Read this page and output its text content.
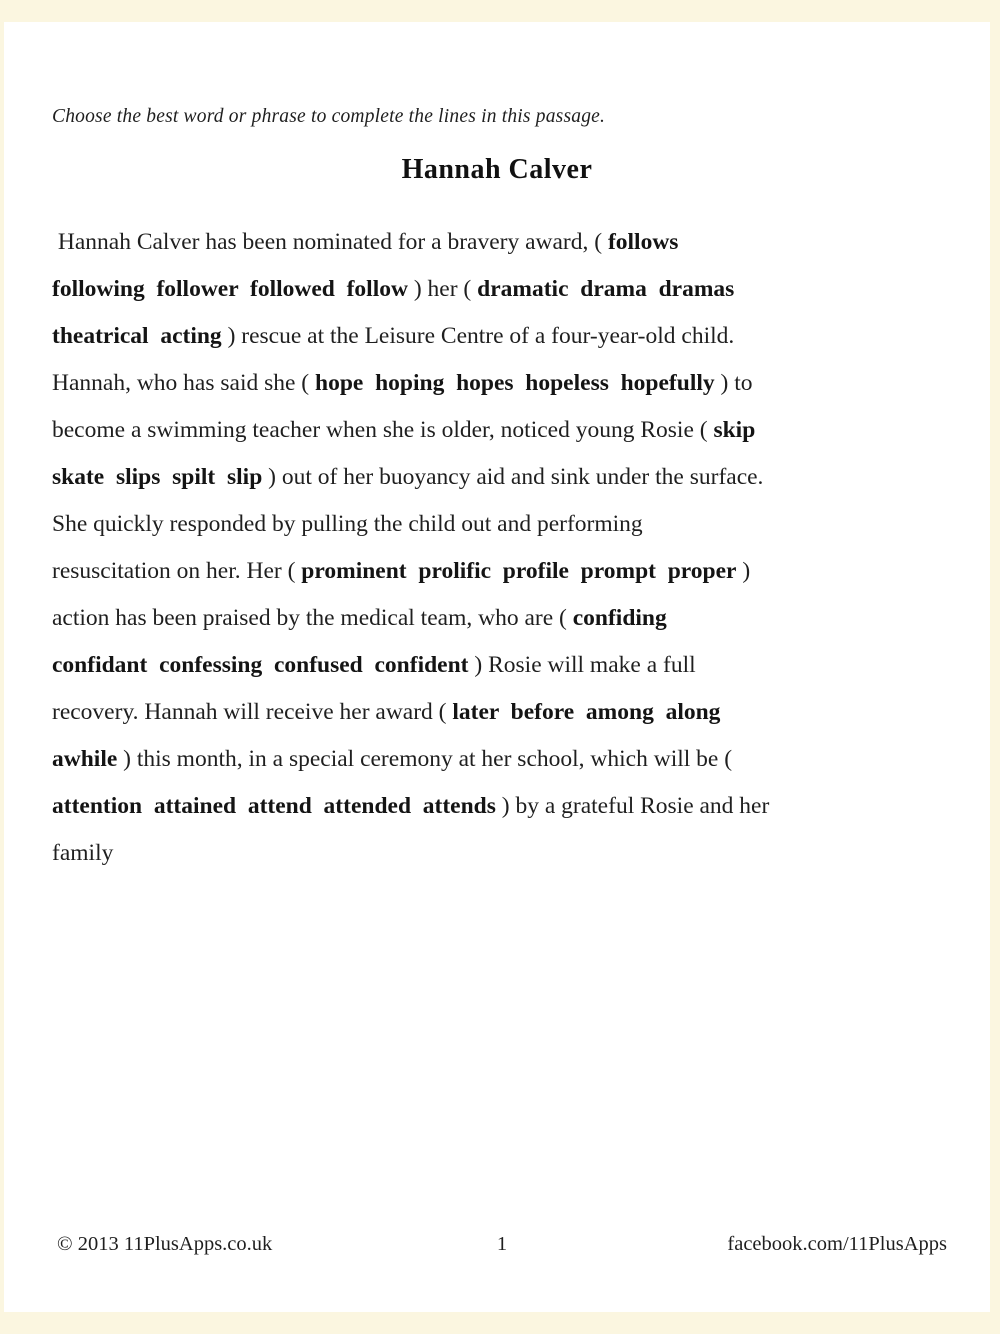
Choose the best word or phrase to complete the lines in this passage.
Hannah Calver
Hannah Calver has been nominated for a bravery award, ( follows
following  follower  followed  follow ) her ( dramatic  drama  dramas
theatrical  acting ) rescue at the Leisure Centre of a four-year-old child.
Hannah, who has said she ( hope  hoping  hopes  hopeless  hopefully ) to
become a swimming teacher when she is older, noticed young Rosie ( skip
skate  slips  spilt  slip ) out of her buoyancy aid and sink under the surface.
She quickly responded by pulling the child out and performing
resuscitation on her. Her ( prominent  prolific  profile  prompt  proper )
action has been praised by the medical team, who are ( confiding
confidant  confessing  confused  confident ) Rosie will make a full
recovery. Hannah will receive her award ( later  before  among  along
awhile ) this month, in a special ceremony at her school, which will be (
attention  attained  attend  attended  attends ) by a grateful Rosie and her
family
© 2013 11PlusApps.co.uk	1	facebook.com/11PlusApps
